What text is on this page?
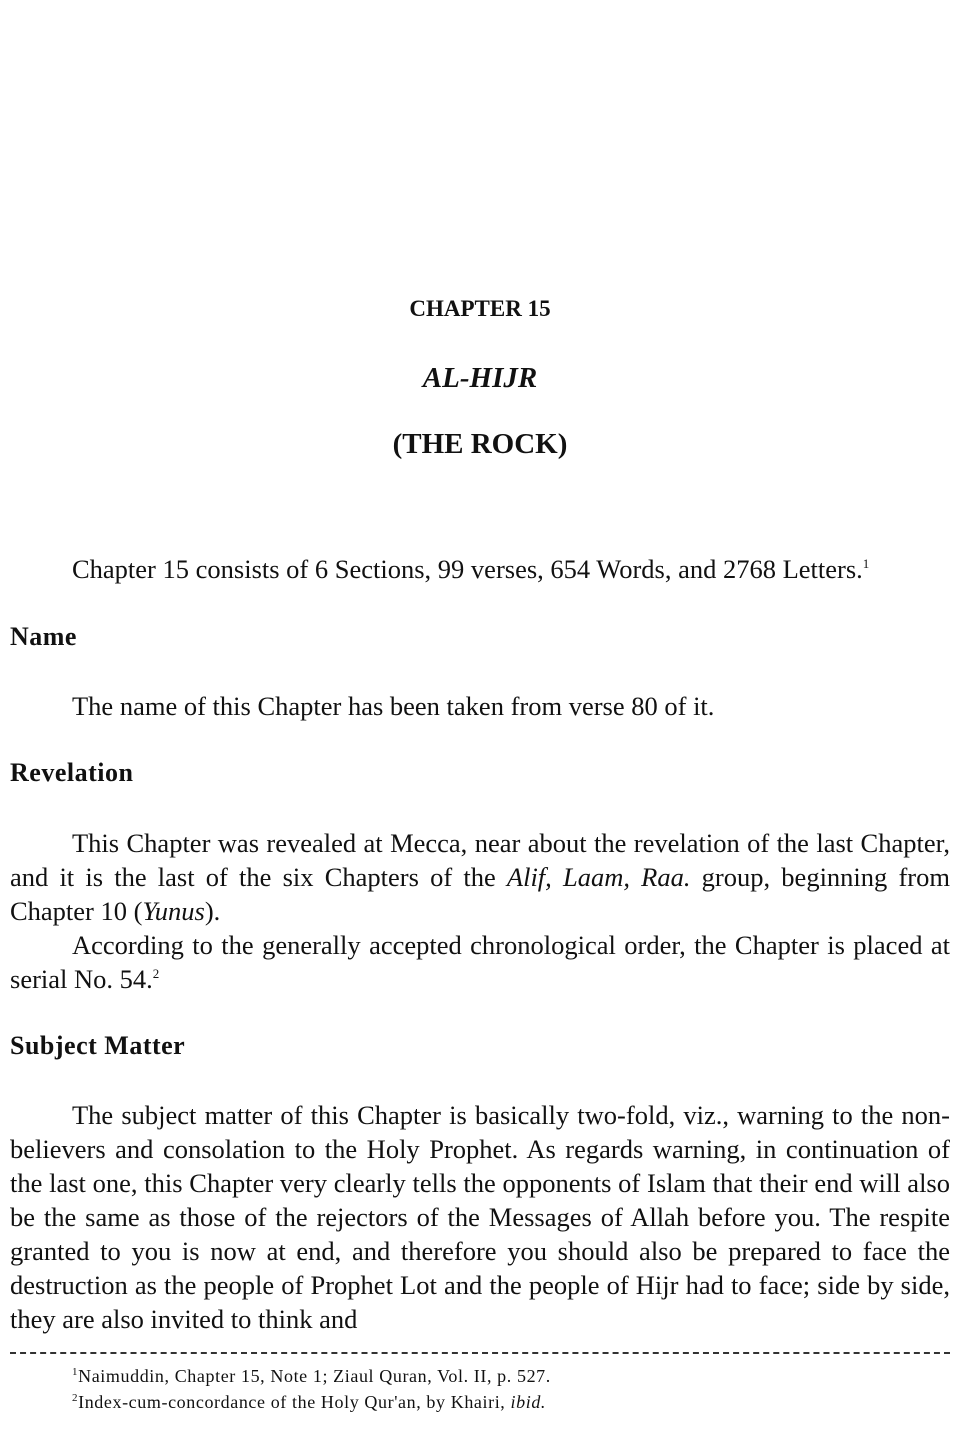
CHAPTER 15
AL-HIJR
(THE ROCK)

Chapter 15 consists of 6 Sections, 99 verses, 654 Words, and 2768 Letters.$^1$

Name

The name of this Chapter has been taken from verse 80 of it.

Revelation

This Chapter was revealed at Mecca, near about the revelation of the last Chapter, and it is the last of the six Chapters of the Alif, Laam, Raa. group, beginning from Chapter 10 (Yunus).

According to the generally accepted chronological order, the Chapter is placed at serial No. 54.$^2$

Subject Matter

The subject matter of this Chapter is basically two-fold, viz., warning to the non-believers and consolation to the Holy Prophet. As regards warning, in continuation of the last one, this Chapter very clearly tells the opponents of Islam that their end will also be the same as those of the rejectors of the Messages of Allah before you. The respite granted to you is now at end, and therefore you should also be prepared to face the destruction as the people of Prophet Lot and the people of Hijr had to face; side by side, they are also invited to think and

$^1$Naimuddin, Chapter 15, Note 1; Ziaul Quran, Vol. II, p. 527.

$^2$Index-cum-concordance of the Holy Qur'an, by Khairi, ibid.
